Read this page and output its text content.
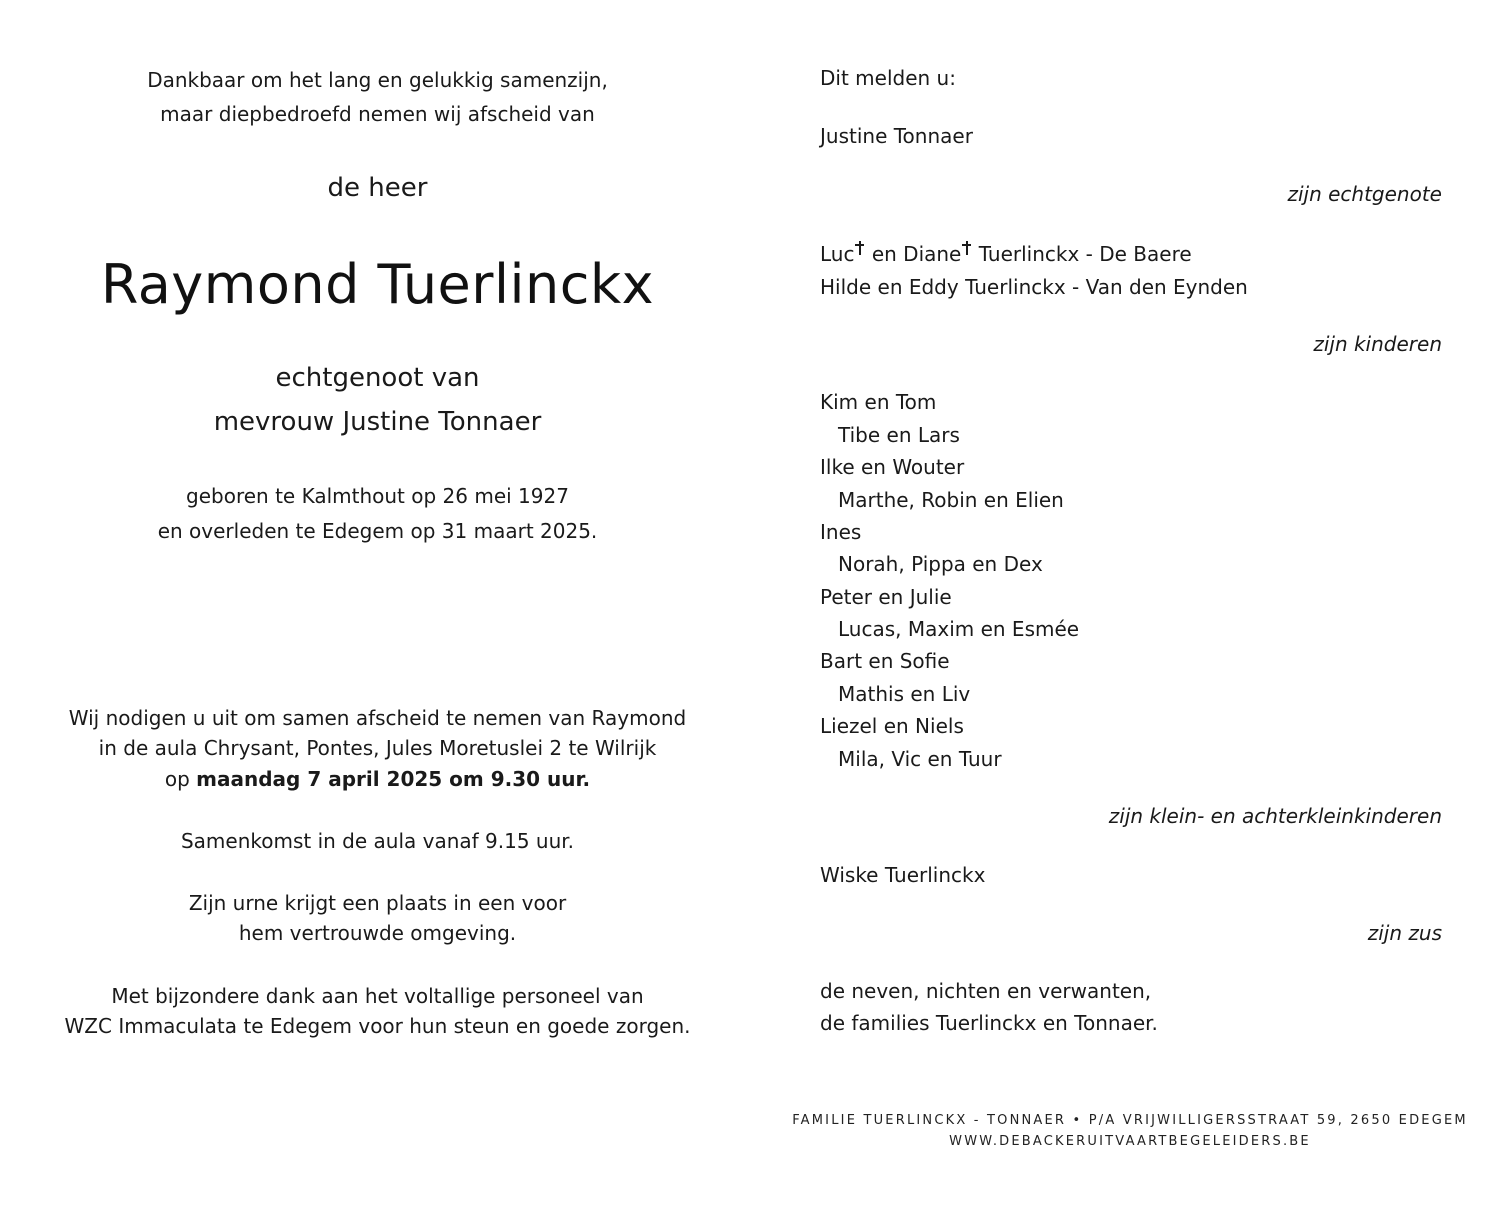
Dankbaar om het lang en gelukkig samenzijn,
maar diepbedroefd nemen wij afscheid van
de heer
Raymond Tuerlinckx
echtgenoot van
mevrouw Justine Tonnaer
geboren te Kalmthout op 26 mei 1927
en overleden te Edegem op 31 maart 2025.
Wij nodigen u uit om samen afscheid te nemen van Raymond
in de aula Chrysant, Pontes, Jules Moretuslei 2 te Wilrijk
op maandag 7 april 2025 om 9.30 uur.
Samenkomst in de aula vanaf 9.15 uur.
Zijn urne krijgt een plaats in een voor
hem vertrouwde omgeving.
Met bijzondere dank aan het voltallige personeel van
WZC Immaculata te Edegem voor hun steun en goede zorgen.
Dit melden u:
Justine Tonnaer
zijn echtgenote
Luc en Diane Tuerlinckx - De Baere
Hilde en Eddy Tuerlinckx - Van den Eynden
zijn kinderen
Kim en Tom
Tibe en Lars
Ilke en Wouter
Marthe, Robin en Elien
Ines
Norah, Pippa en Dex
Peter en Julie
Lucas, Maxim en Esmée
Bart en Sofie
Mathis en Liv
Liezel en Niels
Mila, Vic en Tuur
zijn klein- en achterkleinkinderen
Wiske Tuerlinckx
zijn zus
de neven, nichten en verwanten,
de families Tuerlinckx en Tonnaer.
FAMILIE TUERLINCKX - TONNAER • P/A VRIJWILLIGERSSTRAAT 59, 2650 EDEGEM
WWW.DEBACKERUITVAARTBEGELEIDERS.BE
